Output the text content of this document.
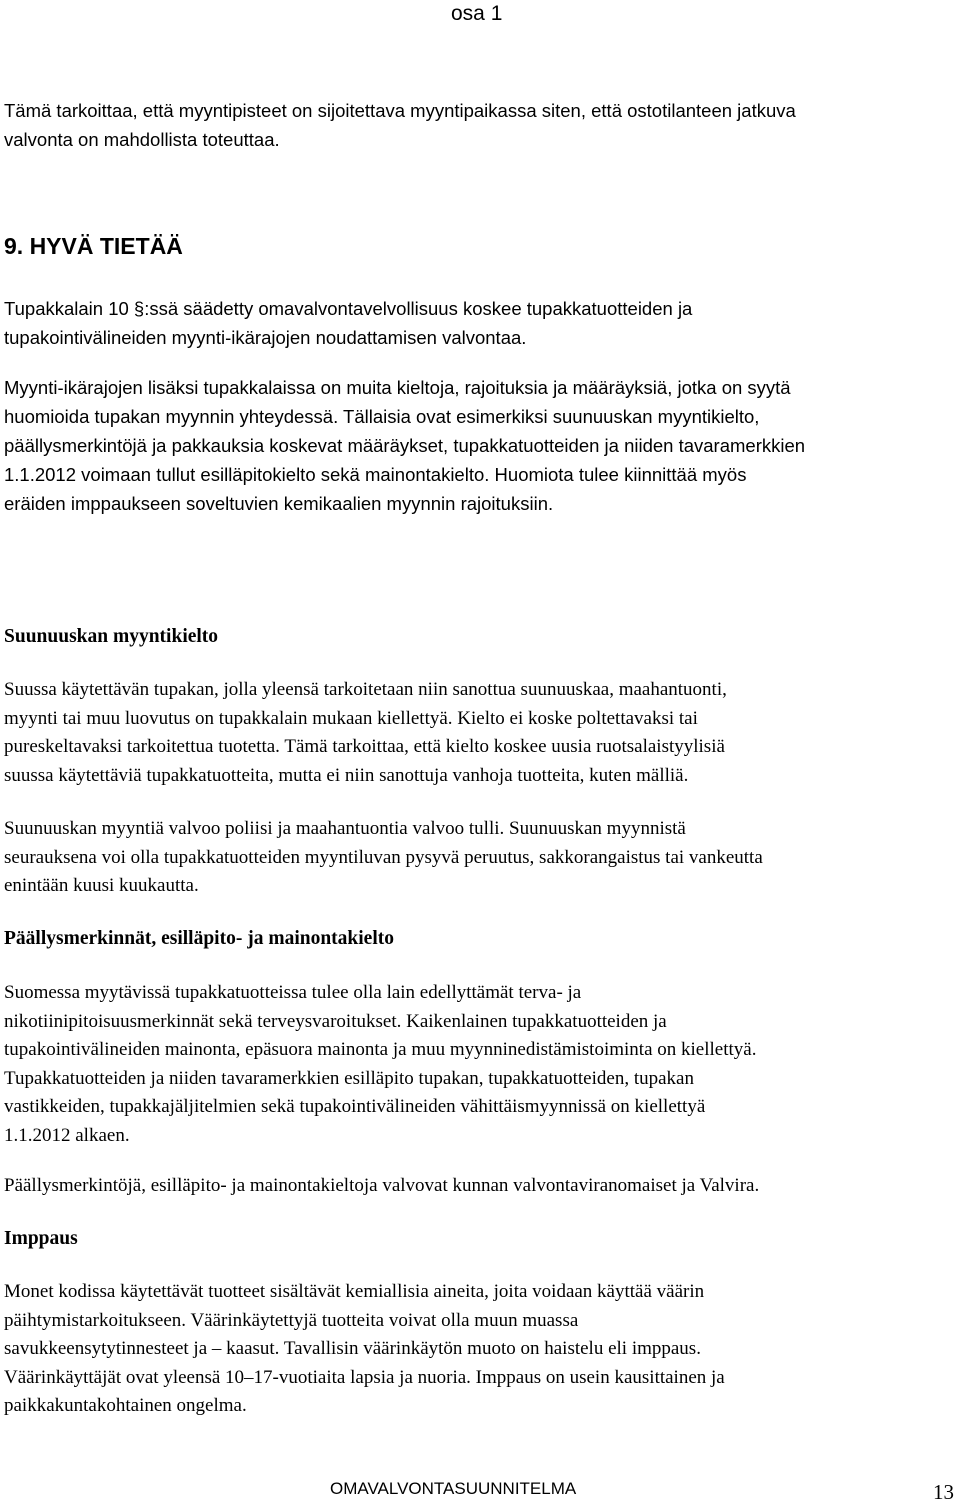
osa 1
Tämä tarkoittaa, että myyntipisteet on sijoitettava myyntipaikassa siten, että ostotilanteen jatkuva
valvonta on mahdollista toteuttaa.
9. HYVÄ TIETÄÄ
Tupakkalain 10 §:ssä säädetty omavalvontavelvollisuus koskee tupakkatuotteiden ja
tupakointivälineiden myynti-ikärajojen noudattamisen valvontaa.
Myynti-ikärajojen lisäksi tupakkalaissa on muita kieltoja, rajoituksia ja määräyksiä, jotka on syytä
huomioida tupakan myynnin yhteydessä. Tällaisia ovat esimerkiksi suunuuskan myyntikielto,
päällysmerkintöjä ja pakkauksia koskevat määräykset, tupakkatuotteiden ja niiden tavaramerkkien
1.1.2012 voimaan tullut esilläpitokielto sekä mainontakielto. Huomiota tulee kiinnittää myös
eräiden imppaukseen soveltuvien kemikaalien myynnin rajoituksiin.
Suunuuskan myyntikielto
Suussa käytettävän tupakan, jolla yleensä tarkoitetaan niin sanottua suunuuskaa, maahantuonti,
myynti tai muu luovutus on tupakkalain mukaan kiellettyä. Kielto ei koske poltettavaksi tai
pureskeltavaksi tarkoitettua tuotetta. Tämä tarkoittaa, että kielto koskee uusia ruotsalaistyylisiä
suussa käytettäviä tupakkatuotteita, mutta ei niin sanottuja vanhoja tuotteita, kuten mälliä.
Suunuuskan myyntiä valvoo poliisi ja maahantuontia valvoo tulli. Suunuuskan myynnistä
seurauksena voi olla tupakkatuotteiden myyntiluvan pysyvä peruutus, sakkorangaistus tai vankeutta
enintään kuusi kuukautta.
Päällysmerkinnät, esilläpito- ja mainontakielto
Suomessa myytävissä tupakkatuotteissa tulee olla lain edellyttämät terva- ja
nikotiinipitoisuusmerkinnät sekä terveysvaroitukset. Kaikenlainen tupakkatuotteiden ja
tupakointivälineiden mainonta, epäsuora mainonta ja muu myynninedistämistoiminta on kiellettyä.
Tupakkatuotteiden ja niiden tavaramerkkien esilläpito tupakan, tupakkatuotteiden, tupakan
vastikkeiden, tupakkajäljitelmien sekä tupakointivälineiden vähittäismyynnissä on kiellettyä
1.1.2012 alkaen.
Päällysmerkintöjä, esilläpito- ja mainontakieltoja valvovat kunnan valvontaviranomaiset ja Valvira.
Imppaus
Monet kodissa käytettävät tuotteet sisältävät kemiallisia aineita, joita voidaan käyttää väärin
päihtymistarkoitukseen. Väärinkäytettyjä tuotteita voivat olla muun muassa
savukkeensytytinnesteet ja – kaasut. Tavallisin väärinkäytön muoto on haistelu eli imppaus.
Väärinkäyttäjät ovat yleensä 10–17-vuotiaita lapsia ja nuoria. Imppaus on usein kausittainen ja
paikkakuntakohtainen ongelma.
OMAVALVONTASUUNNITELMA	13
